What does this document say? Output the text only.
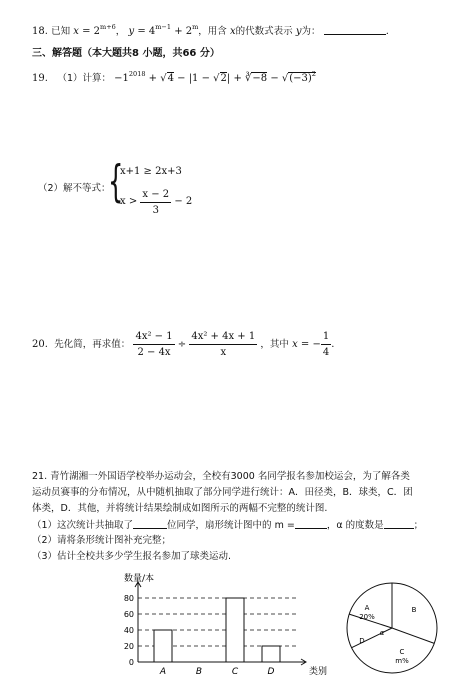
18. 已知 $x = 2^{m+6}$， $y = 4^{m-1} + 2^m$，用含 x的代数式表示 y为：	.
三、解答题（本大题共8 小题，共66 分）
19. （1）计算： $-1^{2018} + √4 - |1 - √2|$ + ∛−8 − $√(-3)^2$
（2）解不等式：
{
x+1 ≥ 2x+3
$x > \frac{x - 2}{3} - 2$
20. 先化简，再求值： $\frac{\text{4x² − 1}}{2 - 4x} \div \frac{\text{4x² + 4x + 1}}{x}$ ，其中 x = − $\frac{1}{4}$ .
21. 青竹湖湘一外国语学校举办运动会，全校有3000 名同学报名参加校运会，为了解各类
运动员赛事的分布情况，从中随机抽取了部分同学进行统计：A．田径类，B．球类，C．团
体类，D．其他，并将统计结果绘制成如图所示的两幅不完整的统计图.
（1）这次统计共抽取了	位同学，扇形统计图中的 m =	，α 的度数是	；
（2）请将条形统计图补充完整；
（3）估计全校共多少学生报名参加了球类运动.
数量/本
类别
0
20
40
60
80
A	B	C	D
A
20%
B
C
m%
D
α
